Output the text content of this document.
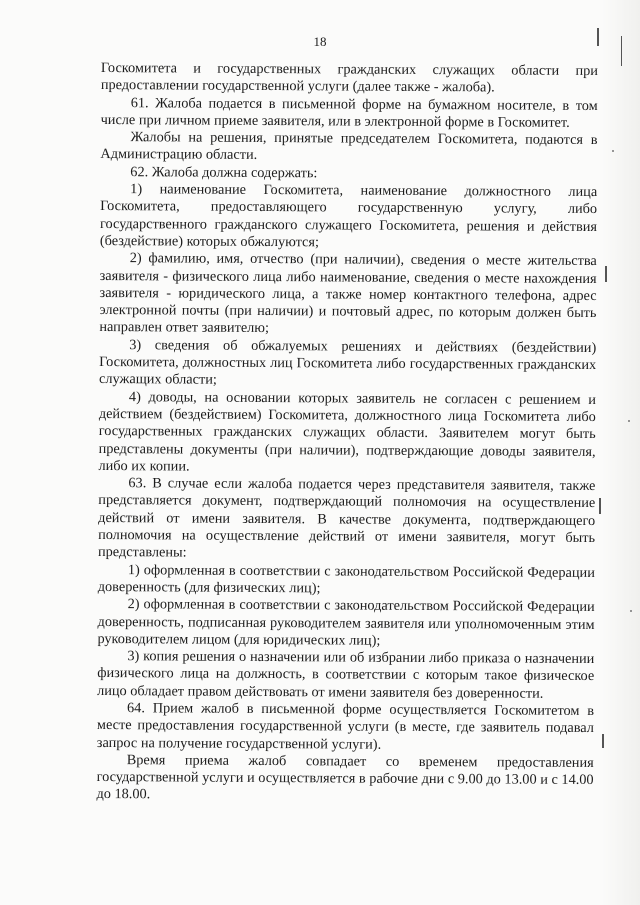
18

Госкомитета и государственных гражданских служащих области при предоставлении государственной услуги (далее также - жалоба).

61. Жалоба подается в письменной форме на бумажном носителе, в том числе при личном приеме заявителя, или в электронной форме в Госкомитет.

Жалобы на решения, принятые председателем Госкомитета, подаются в Администрацию области.

62. Жалоба должна содержать:

1) наименование Госкомитета, наименование должностного лица Госкомитета, предоставляющего государственную услугу, либо государственного гражданского служащего Госкомитета, решения и действия (бездействие) которых обжалуются;

2) фамилию, имя, отчество (при наличии), сведения о месте жительства заявителя - физического лица либо наименование, сведения о месте нахождения заявителя - юридического лица, а также номер контактного телефона, адрес электронной почты (при наличии) и почтовый адрес, по которым должен быть направлен ответ заявителю;

3) сведения об обжалуемых решениях и действиях (бездействии) Госкомитета, должностных лиц Госкомитета либо государственных гражданских служащих области;

4) доводы, на основании которых заявитель не согласен с решением и действием (бездействием) Госкомитета, должностного лица Госкомитета либо государственных гражданских служащих области. Заявителем могут быть представлены документы (при наличии), подтверждающие доводы заявителя, либо их копии.

63. В случае если жалоба подается через представителя заявителя, также представляется документ, подтверждающий полномочия на осуществление действий от имени заявителя. В качестве документа, подтверждающего полномочия на осуществление действий от имени заявителя, могут быть представлены:

1) оформленная в соответствии с законодательством Российской Федерации доверенность (для физических лиц);

2) оформленная в соответствии с законодательством Российской Федерации доверенность, подписанная руководителем заявителя или уполномоченным этим руководителем лицом (для юридических лиц);

3) копия решения о назначении или об избрании либо приказа о назначении физического лица на должность, в соответствии с которым такое физическое лицо обладает правом действовать от имени заявителя без доверенности.

64. Прием жалоб в письменной форме осуществляется Госкомитетом в месте предоставления государственной услуги (в месте, где заявитель подавал запрос на получение государственной услуги).

Время приема жалоб совпадает со временем предоставления государственной услуги и осуществляется в рабочие дни с 9.00 до 13.00 и с 14.00 до 18.00.
